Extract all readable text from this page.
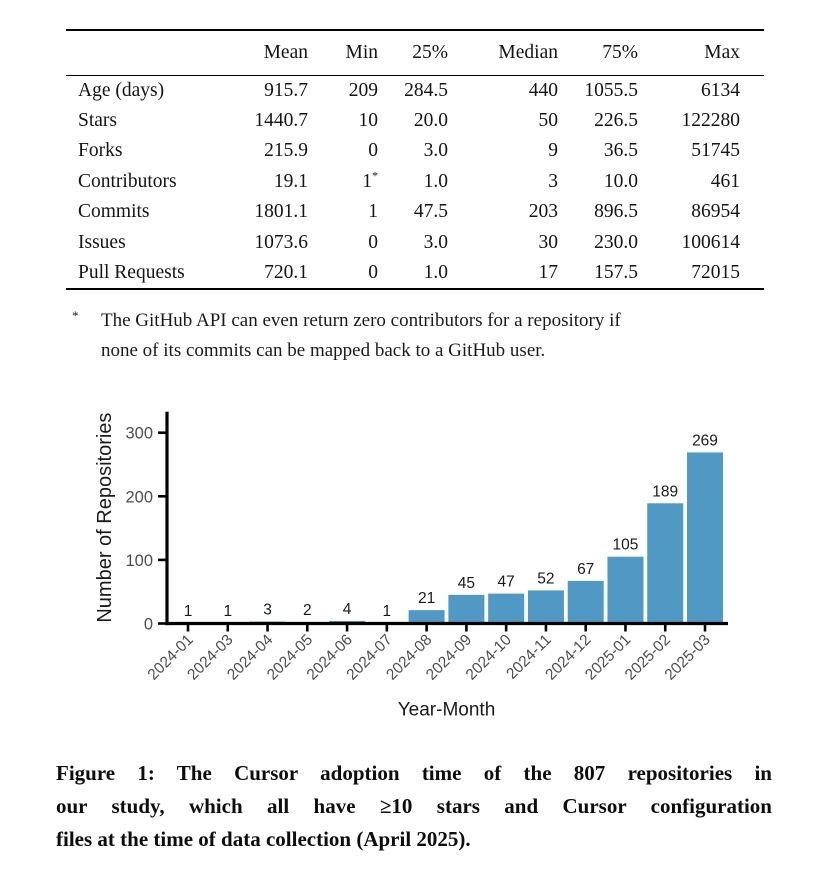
	Mean	Min	25%	Median	75%	Max
Age (days)	915.7	209	284.5	440	1055.5	6134
Stars	1440.7	10	20.0	50	226.5	122280
Forks	215.9	0	3.0	9	36.5	51745
Contributors	19.1	1*	1.0	3	10.0	461
Commits	1801.1	1	47.5	203	896.5	86954
Issues	1073.6	0	3.0	30	230.0	100614
Pull Requests	720.1	0	1.0	17	157.5	72015
* The GitHub API can even return zero contributors for a repository if
none of its commits can be mapped back to a GitHub user.
1
2024-01
1
2024-03
3
2024-04
2
2024-05
4
2024-06
1
2024-07
21
2024-08
45
2024-09
47
2024-10
52
2024-11
67
2024-12
105
2025-01
189
2025-02
269
2025-03
0
100
200
300
Year-Month
Number of Repositories
Figure 1: The Cursor adoption time of the 807 repositories in
our study, which all have ≥10 stars and Cursor configuration
files at the time of data collection (April 2025).
